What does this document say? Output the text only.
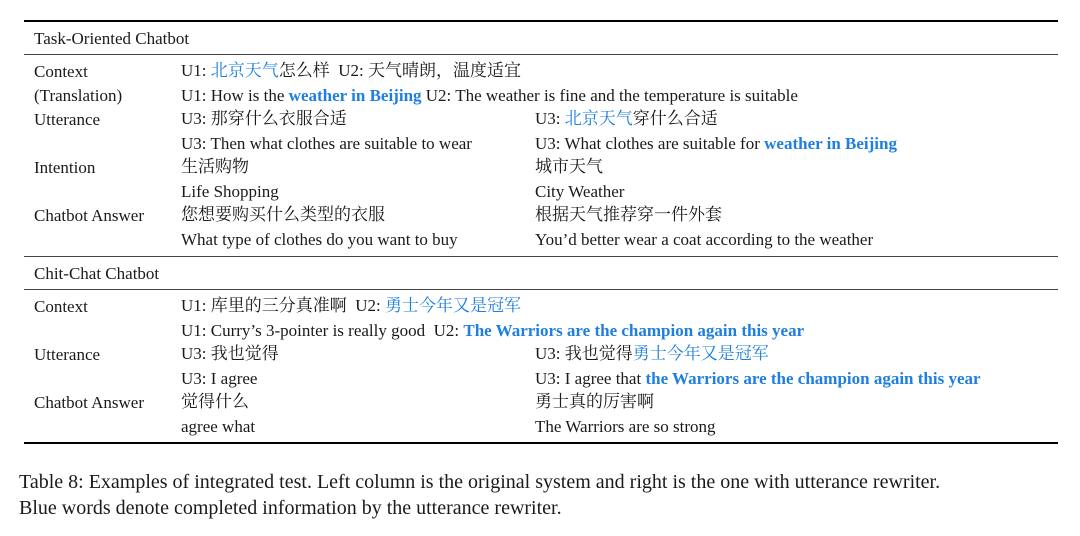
Task-Oriented Chatbot
Context	U1: 北京天气怎么样 U2: 天气晴朗，温度适宜
(Translation)	U1: How is the weather in Beijing U2: The weather is fine and the temperature is suitable
Utterance	U3: 那穿什么衣服合适	U3: 北京天气穿什么合适
U3: Then what clothes are suitable to wear	U3: What clothes are suitable for weather in Beijing
Intention	生活购物	城市天气
Life Shopping	City Weather
Chatbot Answer 您想要购买什么类型的衣服	根据天气推荐穿一件外套
What type of clothes do you want to buy	You’d better wear a coat according to the weather
Chit-Chat Chatbot
Context	U1: 库里的三分真准啊 U2: 勇士今年又是冠军
U1: Curry’s 3-pointer is really good U2: The Warriors are the champion again this year
Utterance	U3: 我也觉得	U3: 我也觉得勇士今年又是冠军
U3: I agree	U3: I agree that the Warriors are the champion again this year
Chatbot Answer 觉得什么	勇士真的厉害啊
agree what	The Warriors are so strong
Table 8: Examples of integrated test. Left column is the original system and right is the one with utterance rewriter.
Blue words denote completed information by the utterance rewriter.
